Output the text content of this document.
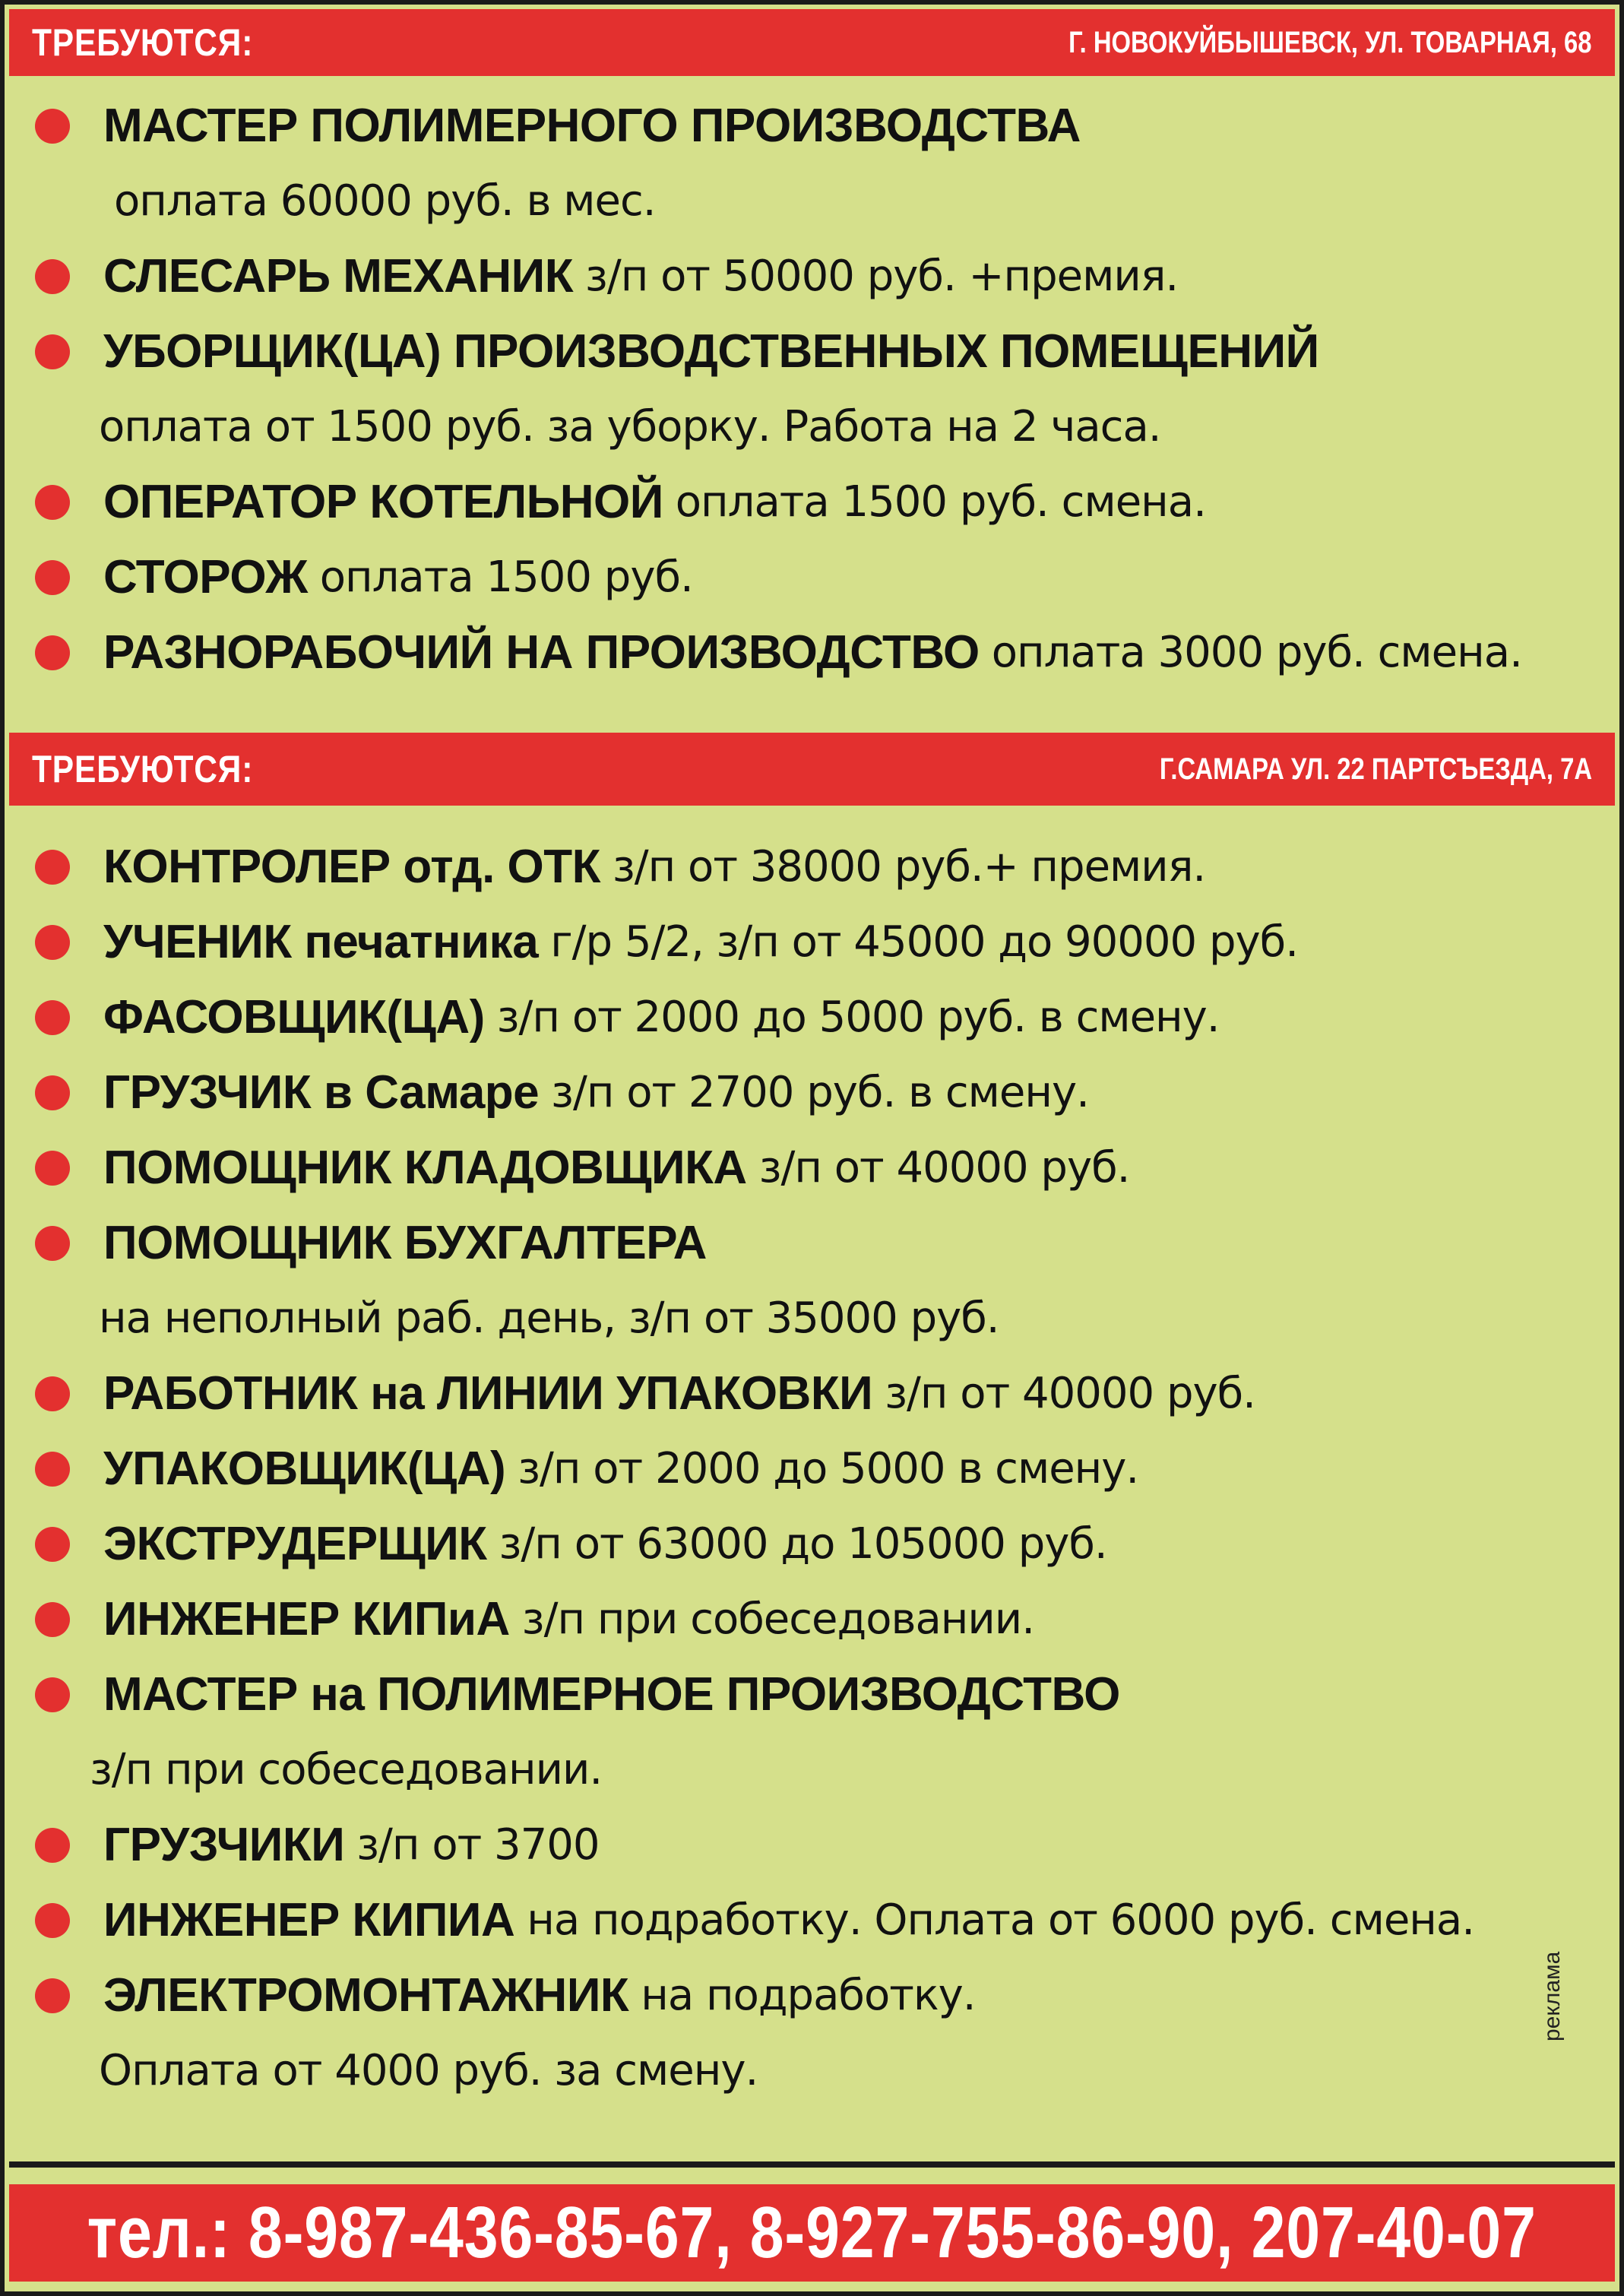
ТРЕБУЮТСЯ:	Г. НОВОКУЙБЫШЕВСК, УЛ. ТОВАРНАЯ, 68
МАСТЕР ПОЛИМЕРНОГО ПРОИЗВОДСТВА
оплата 60000 руб. в мес.
СЛЕСАРЬ МЕХАНИК з/п от 50000 руб. +премия.
УБОРЩИК(ЦА) ПРОИЗВОДСТВЕННЫХ ПОМЕЩЕНИЙ
оплата от 1500 руб. за уборку. Работа на 2 часа.
ОПЕРАТОР КОТЕЛЬНОЙ оплата 1500 руб. смена.
СТОРОЖ оплата 1500 руб.
РАЗНОРАБОЧИЙ НА ПРОИЗВОДСТВО оплата 3000 руб. смена.
ТРЕБУЮТСЯ:	Г.САМАРА УЛ. 22 ПАРТСЪЕЗДА, 7А
КОНТРОЛЕР отд. ОТК з/п от 38000 руб.+ премия.
УЧЕНИК печатника г/р 5/2, з/п от 45000 до 90000 руб.
ФАСОВЩИК(ЦА) з/п от 2000 до 5000 руб. в смену.
ГРУЗЧИК в Самаре з/п от 2700 руб. в смену.
ПОМОЩНИК КЛАДОВЩИКА з/п от 40000 руб.
ПОМОЩНИК БУХГАЛТЕРА
на неполный раб. день, з/п от 35000 руб.
РАБОТНИК на ЛИНИИ УПАКОВКИ з/п от 40000 руб.
УПАКОВЩИК(ЦА) з/п от 2000 до 5000 в смену.
ЭКСТРУДЕРЩИК з/п от 63000 до 105000 руб.
ИНЖЕНЕР КИПиА з/п при собеседовании.
МАСТЕР на ПОЛИМЕРНОЕ ПРОИЗВОДСТВО
з/п при собеседовании.
ГРУЗЧИКИ з/п от 3700
ИНЖЕНЕР КИПИА на подработку. Оплата от 6000 руб. смена.
ЭЛЕКТРОМОНТАЖНИК на подработку.
Оплата от 4000 руб. за смену.
реклама
тел.: 8-987-436-85-67, 8-927-755-86-90, 207-40-07
